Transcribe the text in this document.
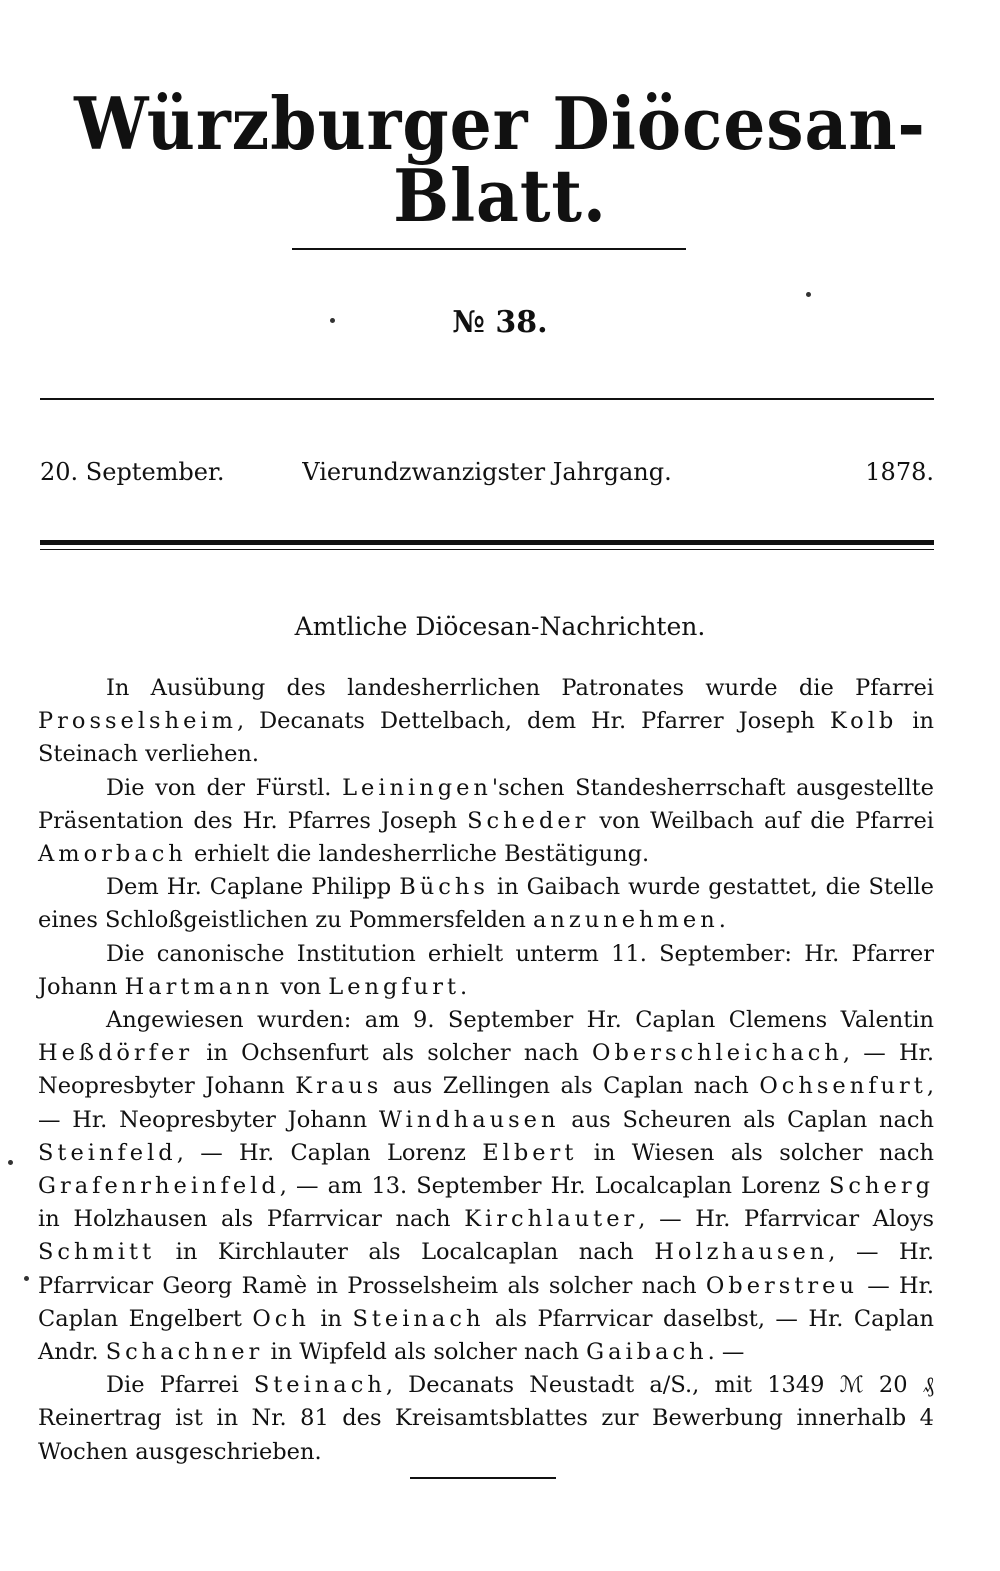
Würzburger Diöcesan-Blatt.
№ 38.
Vierundzwanzigster Jahrgang.
20. September.	1878.
Amtliche Diöcesan-Nachrichten.

In Ausübung des landesherrlichen Patronates wurde die Pfarrei Prosselsheim, Decanats Dettelbach, dem Hr. Pfarrer Joseph Kolb in Steinach verliehen.

Die von der Fürstl. Leiningen'schen Standesherrschaft ausgestellte Präsentation des Hr. Pfarres Joseph Scheder von Weilbach auf die Pfarrei Amorbach erhielt die landesherrliche Bestätigung.

Dem Hr. Caplane Philipp Büchs in Gaibach wurde gestattet, die Stelle eines Schloßgeistlichen zu Pommersfelden anzunehmen.

Die canonische Institution erhielt unterm 11. September: Hr. Pfarrer Johann Hartmann von Lengfurt.

Angewiesen wurden: am 9. September Hr. Caplan Clemens Valentin Heßdörfer in Ochsenfurt als solcher nach Oberschleichach, — Hr. Neopresbyter Johann Kraus aus Zellingen als Caplan nach Ochsenfurt, — Hr. Neopresbyter Johann Windhausen aus Scheuren als Caplan nach Steinfeld, — Hr. Caplan Lorenz Elbert in Wiesen als solcher nach Grafenrheinfeld, — am 13. September Hr. Localcaplan Lorenz Scherg in Holzhausen als Pfarrvicar nach Kirchlauter, — Hr. Pfarrvicar Aloys Schmitt in Kirchlauter als Localcaplan nach Holzhausen, — Hr. Pfarrvicar Georg Ramè in Prosselsheim als solcher nach Oberstreu — Hr. Caplan Engelbert Och in Steinach als Pfarrvicar daselbst, — Hr. Caplan Andr. Schachner in Wipfeld als solcher nach Gaibach. —

Die Pfarrei Steinach, Decanats Neustadt a/S., mit 1349 ℳ 20 ₰ Reinertrag ist in Nr. 81 des Kreisamtsblattes zur Bewerbung innerhalb 4 Wochen ausgeschrieben.
